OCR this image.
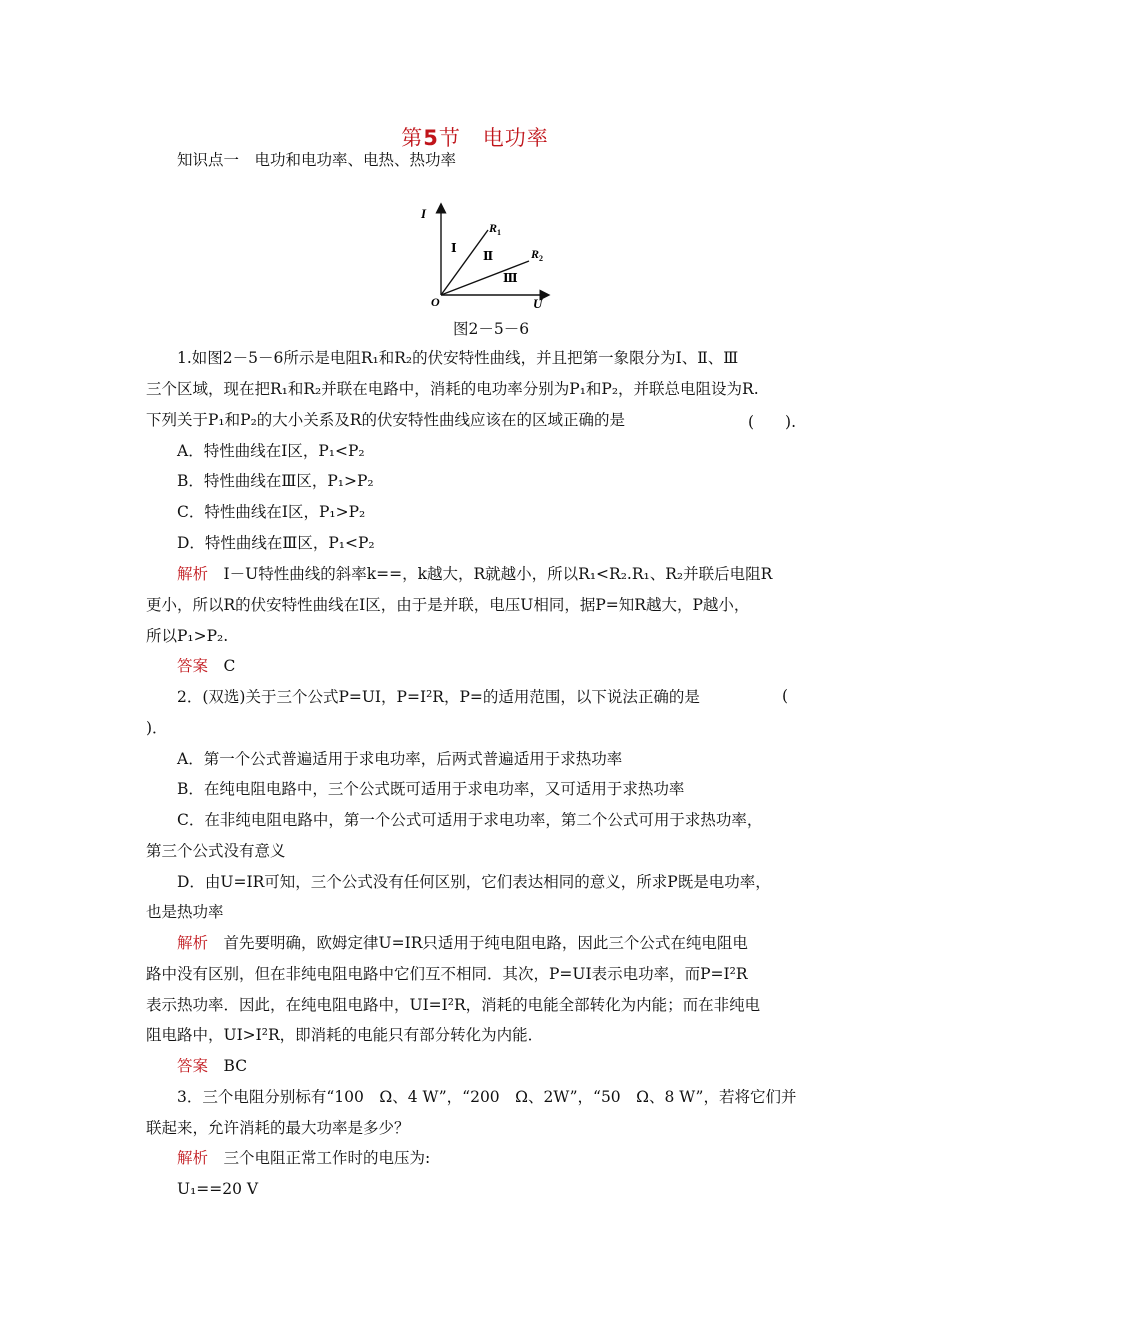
第5节　电功率
知识点一　电功和电功率、电热、热功率
I
U
O
$R_1$
$R_2$
Ⅰ
Ⅱ
Ⅲ
图2－5－6
1.如图2－5－6所示是电阻R₁和R₂的伏安特性曲线，并且把第一象限分为Ⅰ、Ⅱ、Ⅲ
三个区域，现在把R₁和R₂并联在电路中，消耗的电功率分别为P₁和P₂，并联总电阻设为R.
下列关于P₁和P₂的大小关系及R的伏安特性曲线应该在的区域正确的是	(　　).
A．特性曲线在Ⅰ区，P₁<P₂
B．特性曲线在Ⅲ区，P₁>P₂
C．特性曲线在Ⅰ区，P₁>P₂
D．特性曲线在Ⅲ区，P₁<P₂
解析　 I－U特性曲线的斜率k==，k越大，R就越小，所以R₁<R₂.R₁、R₂并联后电阻R
更小，所以R的伏安特性曲线在Ⅰ区，由于是并联，电压U相同，据P=知R越大，P越小，
所以P₁>P₂.
答案　 C
2．(双选)关于三个公式P=UI，P=I²R，P=的适用范围，以下说法正确的是	(
)．
A．第一个公式普遍适用于求电功率，后两式普遍适用于求热功率
B．在纯电阻电路中，三个公式既可适用于求电功率，又可适用于求热功率
C．在非纯电阻电路中，第一个公式可适用于求电功率，第二个公式可用于求热功率，
第三个公式没有意义
D．由U=IR可知，三个公式没有任何区别，它们表达相同的意义，所求P既是电功率，
也是热功率
解析　 首先要明确，欧姆定律U=IR只适用于纯电阻电路，因此三个公式在纯电阻电
路中没有区别，但在非纯电阻电路中它们互不相同．其次，P=UI表示电功率，而P=I²R
表示热功率．因此，在纯电阻电路中，UI=I²R，消耗的电能全部转化为内能；而在非纯电
阻电路中，UI>I²R，即消耗的电能只有部分转化为内能．
答案　 BC
3．三个电阻分别标有“100　Ω、4 W”，“200　Ω、2W”，“50　Ω、8 W”，若将它们并
联起来，允许消耗的最大功率是多少？
解析　 三个电阻正常工作时的电压为:
U₁==20 V
